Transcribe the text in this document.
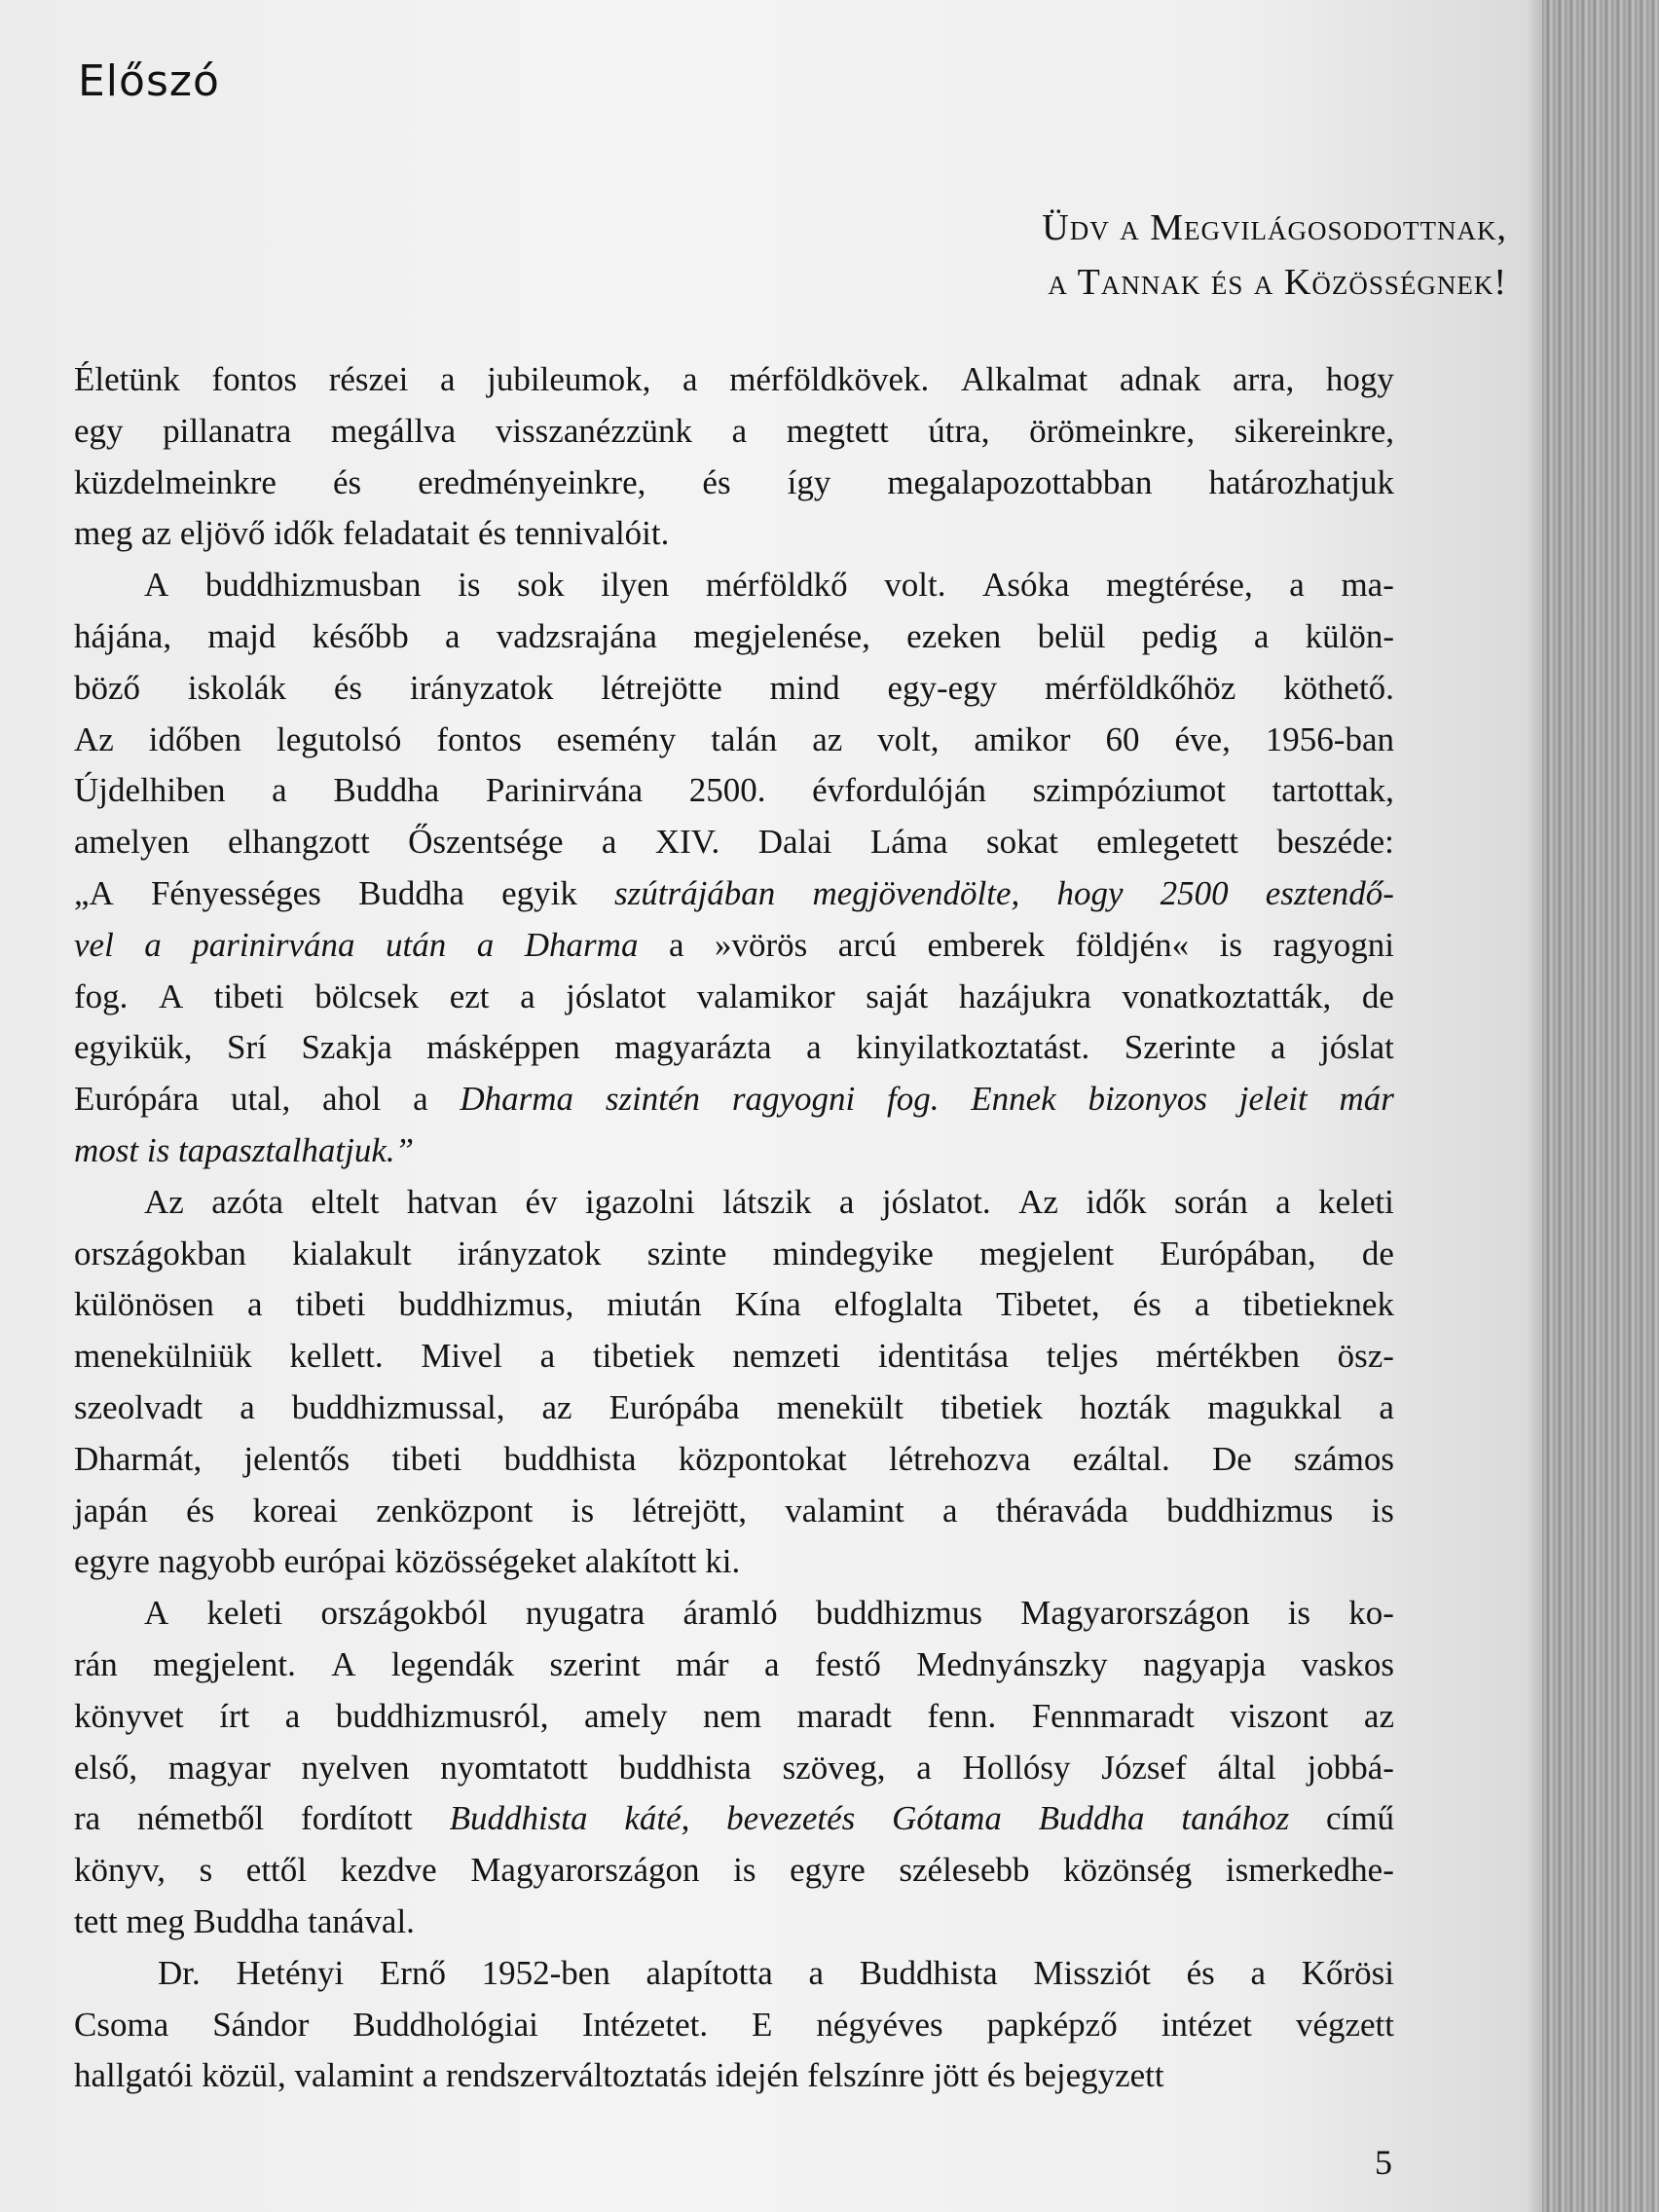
Előszó
Üdv a Megvilágosodottnak,
a Tannak és a Közösségnek!
Életünk fontos részei a jubileumok, a mérföldkövek. Alkalmat adnak arra, hogy
egy pillanatra megállva visszanézzünk a megtett útra, örömeinkre, sikereinkre,
küzdelmeinkre és eredményeinkre, és így megalapozottabban határozhatjuk
meg az eljövő idők feladatait és tennivalóit.
A buddhizmusban is sok ilyen mérföldkő volt. Asóka megtérése, a ma-
hájána, majd később a vadzsrajána megjelenése, ezeken belül pedig a külön-
böző iskolák és irányzatok létrejötte mind egy-egy mérföldkőhöz köthető.
Az időben legutolsó fontos esemény talán az volt, amikor 60 éve, 1956-ban
Újdelhiben a Buddha Parinirvána 2500. évfordulóján szimpóziumot tartottak,
amelyen elhangzott Őszentsége a XIV. Dalai Láma sokat emlegetett beszéde:
„A Fényességes Buddha egyik szútrájában megjövendölte, hogy 2500 esztendő-
vel a parinirvána után a Dharma a »vörös arcú emberek földjén« is ragyogni
fog. A tibeti bölcsek ezt a jóslatot valamikor saját hazájukra vonatkoztatták, de
egyikük, Srí Szakja másképpen magyarázta a kinyilatkoztatást. Szerinte a jóslat
Európára utal, ahol a Dharma szintén ragyogni fog. Ennek bizonyos jeleit már
most is tapasztalhatjuk.”
Az azóta eltelt hatvan év igazolni látszik a jóslatot. Az idők során a keleti
országokban kialakult irányzatok szinte mindegyike megjelent Európában, de
különösen a tibeti buddhizmus, miután Kína elfoglalta Tibetet, és a tibetieknek
menekülniük kellett. Mivel a tibetiek nemzeti identitása teljes mértékben ösz-
szeolvadt a buddhizmussal, az Európába menekült tibetiek hozták magukkal a
Dharmát, jelentős tibeti buddhista központokat létrehozva ezáltal. De számos
japán és koreai zenközpont is létrejött, valamint a théraváda buddhizmus is
egyre nagyobb európai közösségeket alakított ki.
A keleti országokból nyugatra áramló buddhizmus Magyarországon is ko-
rán megjelent. A legendák szerint már a festő Mednyánszky nagyapja vaskos
könyvet írt a buddhizmusról, amely nem maradt fenn. Fennmaradt viszont az
első, magyar nyelven nyomtatott buddhista szöveg, a Hollósy József által jobbá-
ra németből fordított Buddhista káté, bevezetés Gótama Buddha tanához című
könyv, s ettől kezdve Magyarországon is egyre szélesebb közönség ismerkedhe-
tett meg Buddha tanával.
Dr. Hetényi Ernő 1952-ben alapította a Buddhista Missziót és a Kőrösi
Csoma Sándor Buddhológiai Intézetet. E négyéves papképző intézet végzett
hallgatói közül, valamint a rendszerváltoztatás idején felszínre jött és bejegyzett
5
